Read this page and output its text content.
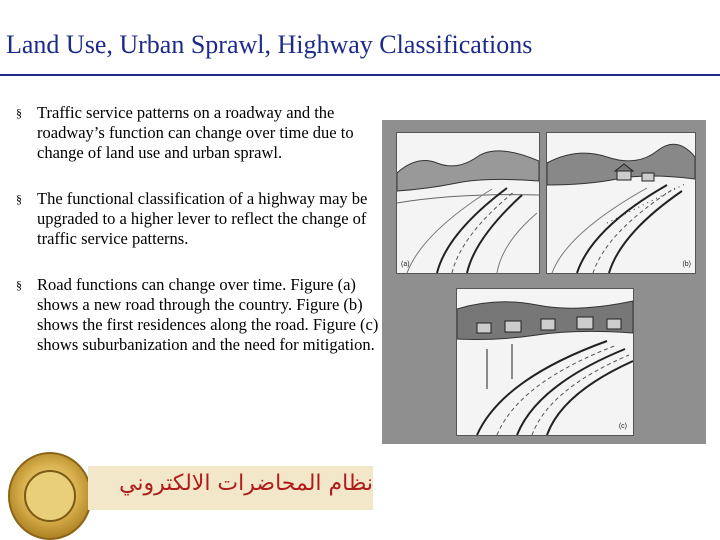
Land Use, Urban Sprawl, Highway Classifications
§ Traffic service patterns on a roadway and the roadway’s function can change over time due to change of land use and urban sprawl.
§ The functional classification of a highway may be upgraded to a higher lever to reflect the change of traffic service patterns.
§ Road functions can change over time. Figure (a) shows a new road through the country. Figure (b) shows the first residences along the road. Figure (c) shows suburbanization and the need for mitigation.
(a)	(b)
(c)
نظام المحاضرات الالكتروني
